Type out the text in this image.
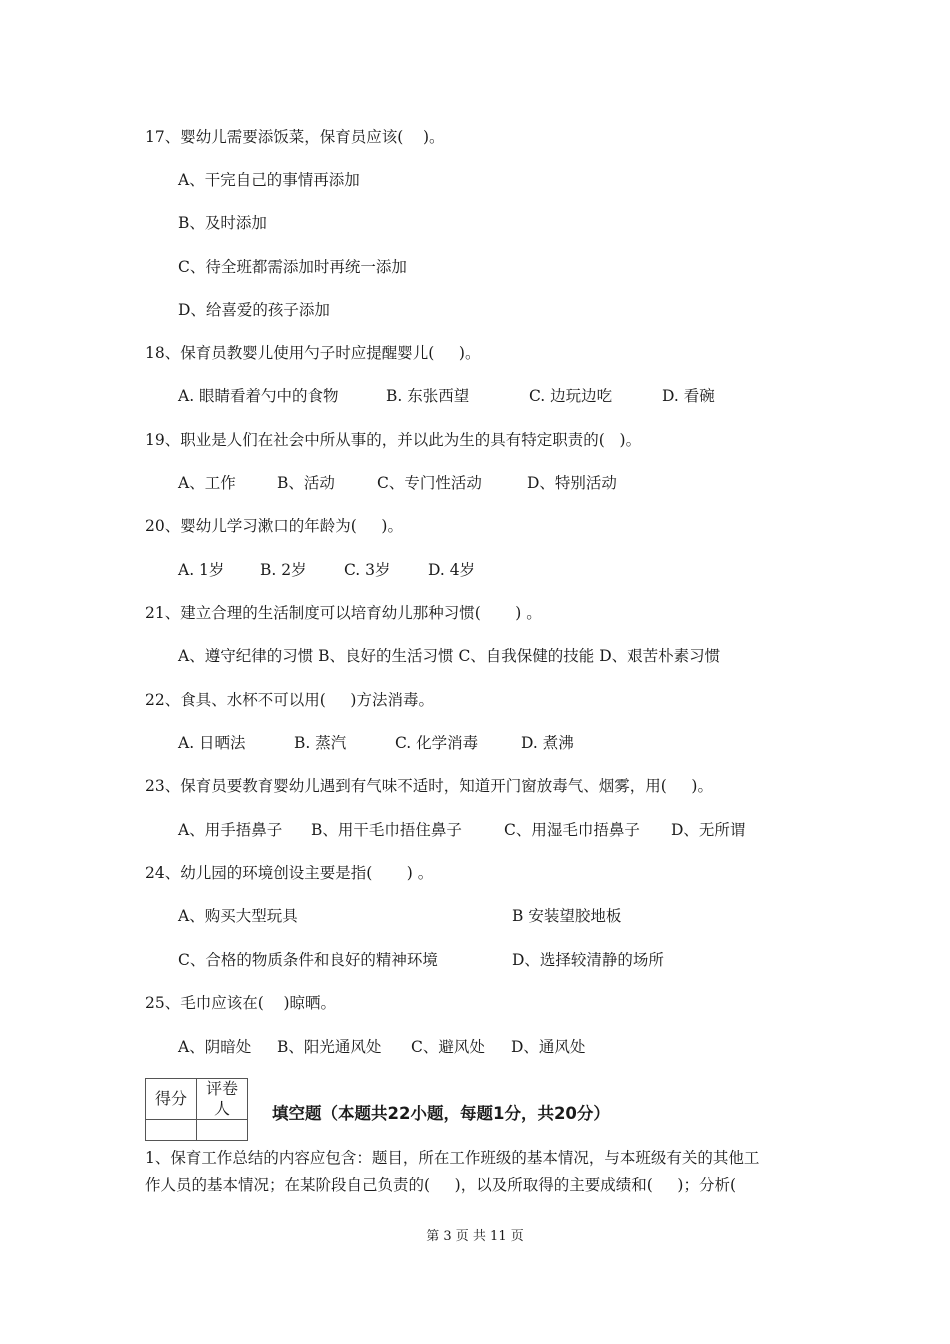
17、婴幼儿需要添饭菜，保育员应该(    )。

A、干完自己的事情再添加

B、及时添加

C、待全班都需添加时再统一添加

D、给喜爱的孩子添加

18、保育员教婴儿使用勺子时应提醒婴儿(     )。

A. 眼睛看着勺中的食物	B. 东张西望	C. 边玩边吃	D. 看碗

19、职业是人们在社会中所从事的，并以此为生的具有特定职责的(   )。

A、工作	B、活动	C、专门性活动	D、特别活动

20、婴幼儿学习漱口的年龄为(     )。

A. 1岁 B. 2岁 C. 3岁 D. 4岁

21、建立合理的生活制度可以培育幼儿那种习惯(       ) 。

A、遵守纪律的习惯 B、良好的生活习惯 C、自我保健的技能 D、艰苦朴素习惯

22、食具、水杯不可以用(     )方法消毒。

A. 日晒法	B. 蒸汽	C. 化学消毒	D. 煮沸

23、保育员要教育婴幼儿遇到有气味不适时，知道开门窗放毒气、烟雾，用(     )。

A、用手捂鼻子 B、用干毛巾捂住鼻子	C、用湿毛巾捂鼻子 D、无所谓

24、幼儿园的环境创设主要是指(       ) 。

A、购买大型玩具	B 安装望胶地板
C、合格的物质条件和良好的精神环境	D、选择较清静的场所

25、毛巾应该在(    )晾晒。

A、阴暗处 B、阳光通风处 C、避风处 D、通风处
得分	评卷人
		填空题（本题共22小题，每题1分，共20分）

1、保育工作总结的内容应包含：题目，所在工作班级的基本情况，与本班级有关的其他工

作人员的基本情况；在某阶段自己负责的(     )，以及所取得的主要成绩和(     )；分析(

第 3 页 共 11 页
